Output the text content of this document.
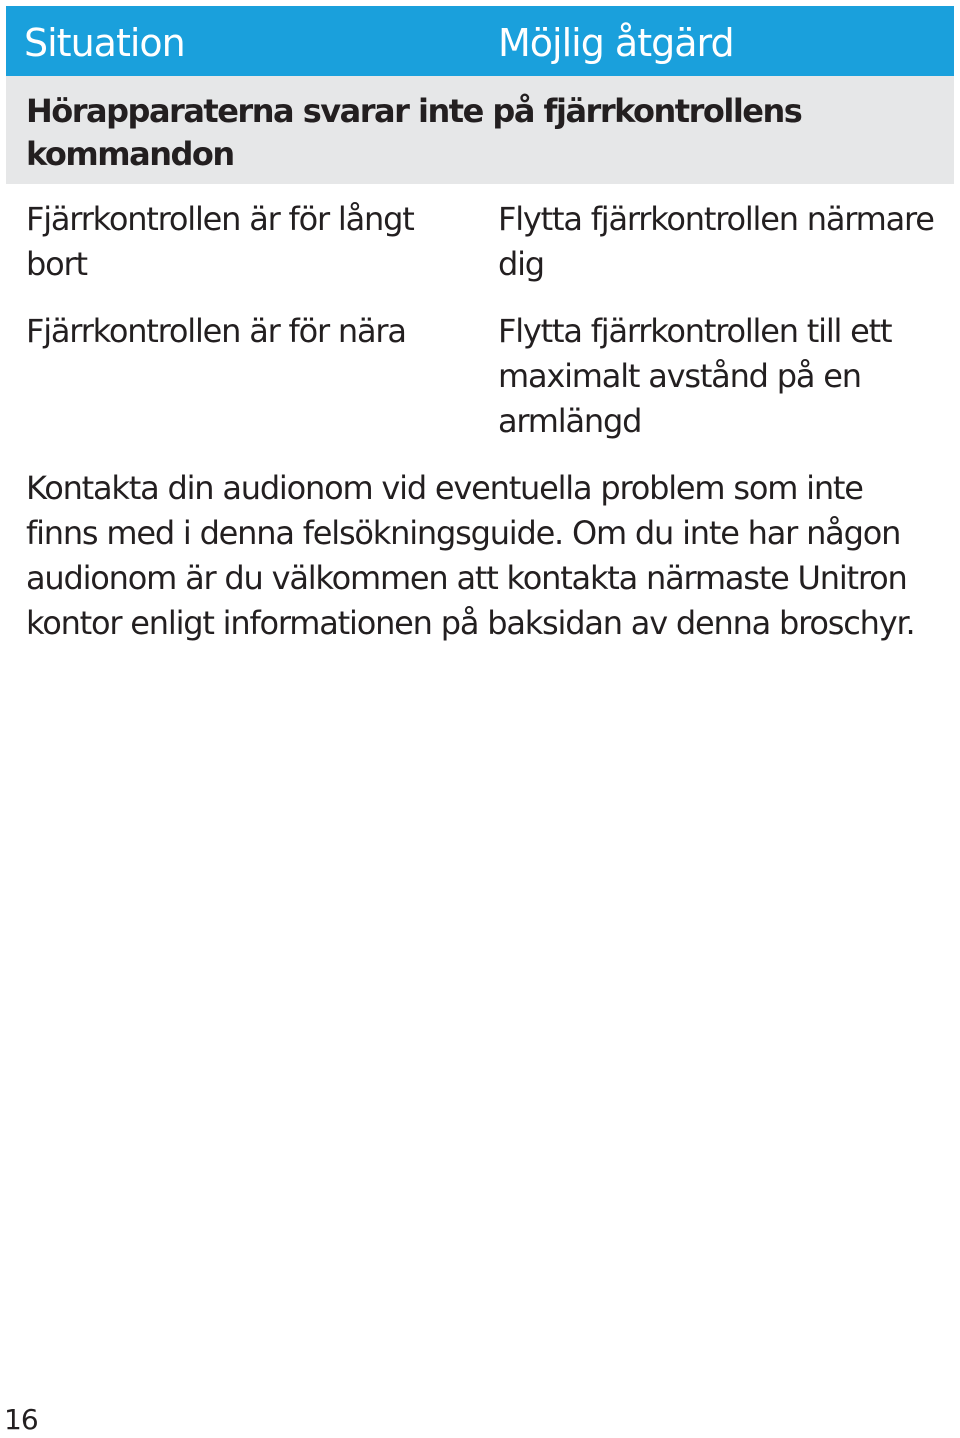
Situation	Möjlig åtgärd
Hörapparaterna svarar inte på fjärrkontrollens kommandon
Fjärrkontrollen är för långt bort
Flytta fjärrkontrollen närmare dig
Fjärrkontrollen är för nära	Flytta fjärrkontrollen till ett maximalt avstånd på en armlängd
Kontakta din audionom vid eventuella problem som inte finns med i denna felsökningsguide. Om du inte har någon audionom är du välkommen att kontakta närmaste Unitron kontor enligt informationen på baksidan av denna broschyr.
16
